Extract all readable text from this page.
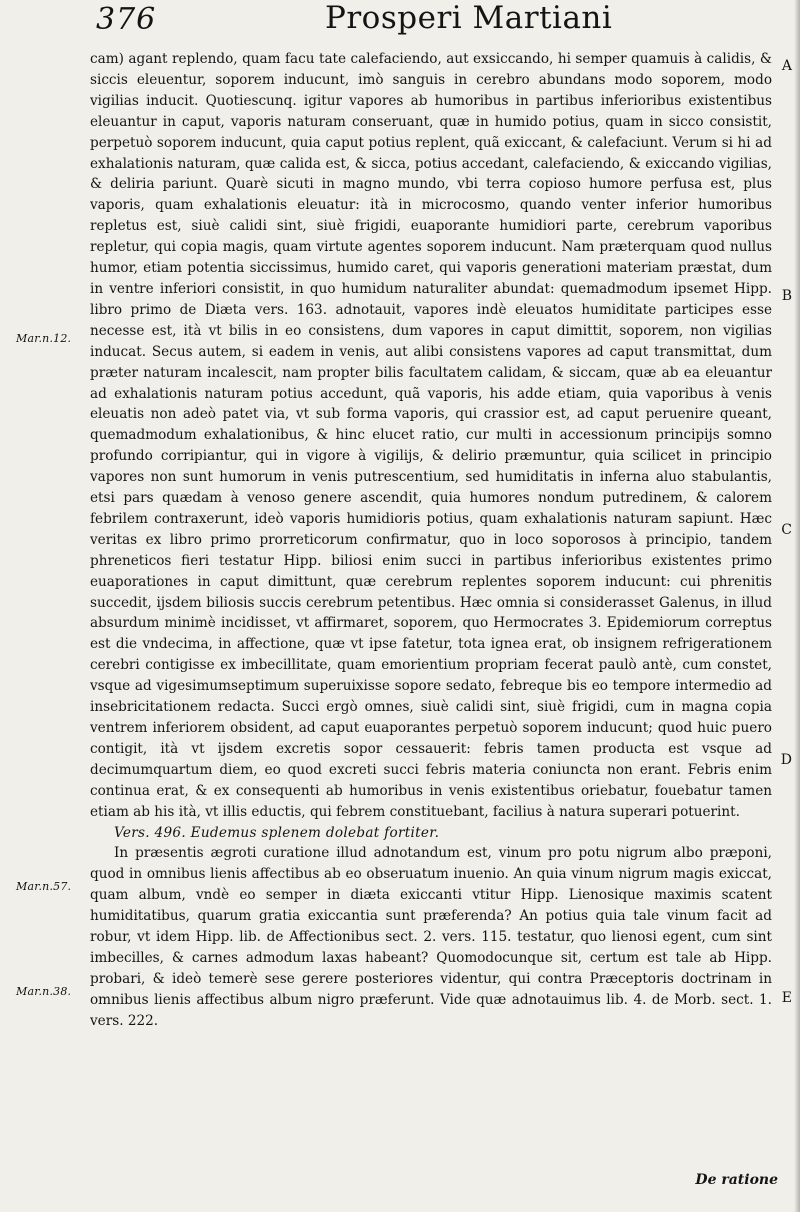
376	Prosperi Martiani

cam) agant replendo, quam facu tate calefaciendo, aut exsiccando, hi semper quamuis à calidis, & siccis eleuentur, soporem inducunt, imò sanguis in cerebro abundans modo soporem, modo vigilias inducit. Quotiescunq. igitur vapores ab humoribus in partibus inferioribus existentibus eleuantur in caput, vaporis naturam conseruant, quæ in humido potius, quam in sicco consistit, perpetuò soporem inducunt, quia caput potius replent, quã exiccant, & calefaciunt. Verum si hi ad exhalationis naturam, quæ calida est, & sicca, potius accedant, calefaciendo, & exiccando vigilias, & deliria pariunt. Quarè sicuti in magno mundo, vbi terra copioso humore perfusa est, plus vaporis, quam exhalationis eleuatur: ità in microcosmo, quando venter inferior humoribus repletus est, siuè calidi sint, siuè frigidi, euaporante humidiori parte, cerebrum vaporibus repletur, qui copia magis, quam virtute agentes soporem inducunt. Nam præterquam quod nullus humor, etiam potentia siccissimus, humido caret, qui vaporis generationi materiam præstat, dum in ventre inferiori consistit, in quo humidum naturaliter abundat: quemadmodum ipsemet Hipp. libro primo de Diæta vers. 163. adnotauit, vapores indè eleuatos humiditate participes esse necesse est, ità vt bilis in eo consistens, dum vapores in caput dimittit, soporem, non vigilias inducat. Secus autem, si eadem in venis, aut alibi consistens vapores ad caput transmittat, dum præter naturam incalescit, nam propter bilis facultatem calidam, & siccam, quæ ab ea eleuantur ad exhalationis naturam potius accedunt, quã vaporis, his adde etiam, quia vaporibus à venis eleuatis non adeò patet via, vt sub forma vaporis, qui crassior est, ad caput peruenire queant, quemadmodum exhalationibus, & hinc elucet ratio, cur multi in accessionum principijs somno profundo corripiantur, qui in vigore à vigilijs, & delirio præmuntur, quia scilicet in principio vapores non sunt humorum in venis putrescentium, sed humiditatis in inferna aluo stabulantis, etsi pars quædam à venoso genere ascendit, quia humores nondum putredinem, & calorem febrilem contraxerunt, ideò vaporis humidioris potius, quam exhalationis naturam sapiunt. Hæc veritas ex libro primo prorreticorum confirmatur, quo in loco soporosos à principio, tandem phreneticos fieri testatur Hipp. biliosi enim succi in partibus inferioribus existentes primo euaporationes in caput dimittunt, quæ cerebrum replentes soporem inducunt: cui phrenitis succedit, ijsdem biliosis succis cerebrum petentibus. Hæc omnia si considerasset Galenus, in illud absurdum minimè incidisset, vt affirmaret, soporem, quo Hermocrates 3. Epidemiorum correptus est die vndecima, in affectione, quæ vt ipse fatetur, tota ignea erat, ob insignem refrigerationem cerebri contigisse ex imbecillitate, quam emorientium propriam fecerat paulò antè, cum constet, vsque ad vigesimumseptimum superuixisse sopore sedato, febreque bis eo tempore intermedio ad insebricitationem redacta. Succi ergò omnes, siuè calidi sint, siuè frigidi, cum in magna copia ventrem inferiorem obsident, ad caput euaporantes perpetuò soporem inducunt; quod huic puero contigit, ità vt ijsdem excretis sopor cessauerit: febris tamen producta est vsque ad decimumquartum diem, eo quod excreti succi febris materia coniuncta non erant. Febris enim continua erat, & ex consequenti ab humoribus in venis existentibus oriebatur, fouebatur tamen etiam ab his ità, vt illis eductis, qui febrem constituebant, facilius à natura superari potuerint.

Vers. 496. Eudemus splenem dolebat fortiter.

In præsentis ægroti curatione illud adnotandum est, vinum pro potu nigrum albo præponi, quod in omnibus lienis affectibus ab eo obseruatum inuenio. An quia vinum nigrum magis exiccat, quam album, vndè eo semper in diæta exiccanti vtitur Hipp. Lienosique maximis scatent humiditatibus, quarum gratia exiccantia sunt præferenda? An potius quia tale vinum facit ad robur, vt idem Hipp. lib. de Affectionibus sect. 2. vers. 115. testatur, quo lienosi egent, cum sint imbecilles, & carnes admodum laxas habeant? Quomodocunque sit, certum est tale ab Hipp. probari, & ideò temerè sese gerere posteriores videntur, qui contra Præceptoris doctrinam in omnibus lienis affectibus album nigro præferunt. Vide quæ adnotauimus lib. 4. de Morb. sect. 1. vers. 222.

Mar.n.12.
Mar.n.57.
Mar.n.38.
A
B
C
D
E
De ratione
